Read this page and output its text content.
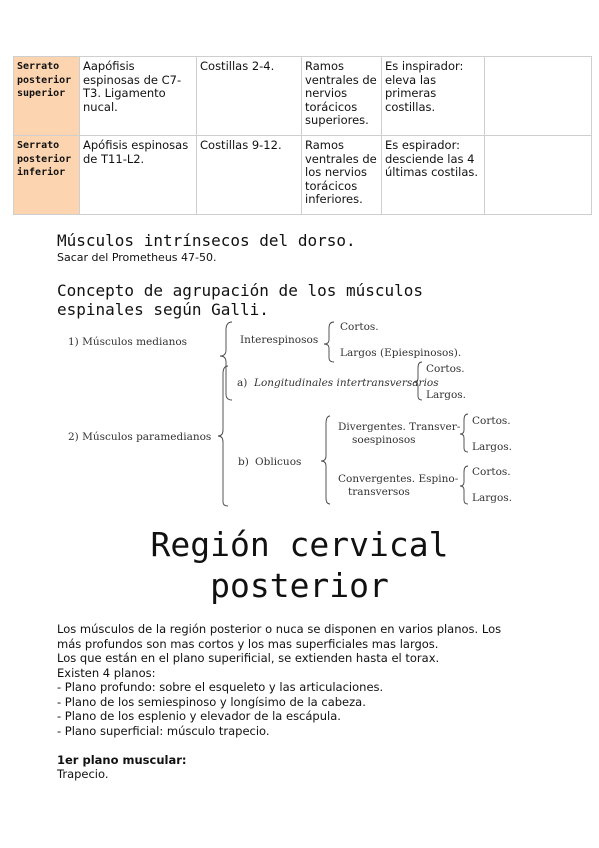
Serrato posterior superior	Aapófisis espinosas de C7-T3. Ligamento nucal.	Costillas 2-4.	Ramos ventrales de nervios torácicos superiores.	Es inspirador: eleva las primeras costillas.	
Serrato posterior inferior	Apófisis espinosas de T11-L2.	Costillas 9-12.	Ramos ventrales de los nervios torácicos inferiores.	Es espirador: desciende las 4 últimas costilas.	
Músculos intrínsecos del dorso.
Sacar del Prometheus 47-50.
Concepto de agrupación de los músculos
espinales según Galli.
1) Músculos medianos	Interespinosos
Cortos.
Largos (Epiespinosos).
2) Músculos paramedianos
a) Longitudinales intertransversarios
Cortos.
Largos.
b) Oblicuos
Divergentes. Transver-
soespinosos
Cortos.
Largos.
Convergentes. Espino-
transversos
Cortos.
Largos.
Región cervical
posterior
Los músculos de la región posterior o nuca se disponen en varios planos. Los
más profundos son mas cortos y los mas superficiales mas largos.
Los que están en el plano superificial, se extienden hasta el torax.
Existen 4 planos:
- Plano profundo: sobre el esqueleto y las articulaciones.
- Plano de los semiespinoso y longísimo de la cabeza.
- Plano de los esplenio y elevador de la escápula.
- Plano superficial: músculo trapecio.
1er plano muscular:
Trapecio.
